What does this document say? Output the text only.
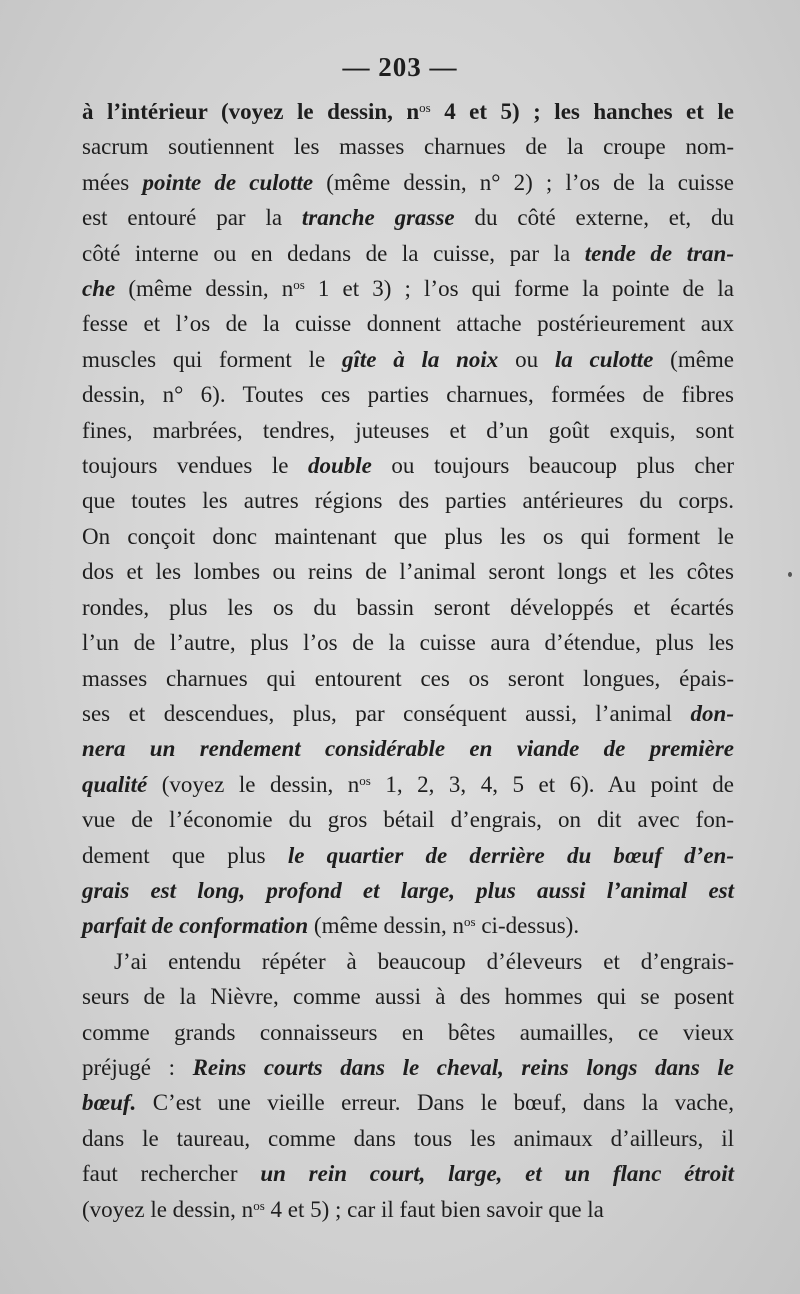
— 203 —
à l’intérieur (voyez le dessin, $n^{os}$ 4 et 5) ; les hanches et le
sacrum soutiennent les masses charnues de la croupe nom-
mées pointe de culotte (même dessin, n° 2) ; l’os de la cuisse
est entouré par la tranche grasse du côté externe, et, du
côté interne ou en dedans de la cuisse, par la tende de tran-
che (même dessin, $n^{os}$ 1 et 3) ; l’os qui forme la pointe de la
fesse et l’os de la cuisse donnent attache postérieurement aux
muscles qui forment le gîte à la noix ou la culotte (même
dessin, n° 6). Toutes ces parties charnues, formées de fibres
fines, marbrées, tendres, juteuses et d’un goût exquis, sont
toujours vendues le double ou toujours beaucoup plus cher
que toutes les autres régions des parties antérieures du corps.
On conçoit donc maintenant que plus les os qui forment le
dos et les lombes ou reins de l’animal seront longs et les côtes
rondes, plus les os du bassin seront développés et écartés
l’un de l’autre, plus l’os de la cuisse aura d’étendue, plus les
masses charnues qui entourent ces os seront longues, épais-
ses et descendues, plus, par conséquent aussi, l’animal don-
nera un rendement considérable en viande de première
qualité (voyez le dessin, $n^{os}$ 1, 2, 3, 4, 5 et 6). Au point de
vue de l’économie du gros bétail d’engrais, on dit avec fon-
dement que plus le quartier de derrière du bœuf d’en-
grais est long, profond et large, plus aussi l’animal est
parfait de conformation (même dessin, $n^{os}$ ci-dessus).
J’ai entendu répéter à beaucoup d’éleveurs et d’engrais-
seurs de la Nièvre, comme aussi à des hommes qui se posent
comme grands connaisseurs en bêtes aumailles, ce vieux
préjugé : Reins courts dans le cheval, reins longs dans le
bœuf. C’est une vieille erreur. Dans le bœuf, dans la vache,
dans le taureau, comme dans tous les animaux d’ailleurs, il
faut rechercher un rein court, large, et un flanc étroit
(voyez le dessin, $n^{os}$ 4 et 5) ; car il faut bien savoir que la
